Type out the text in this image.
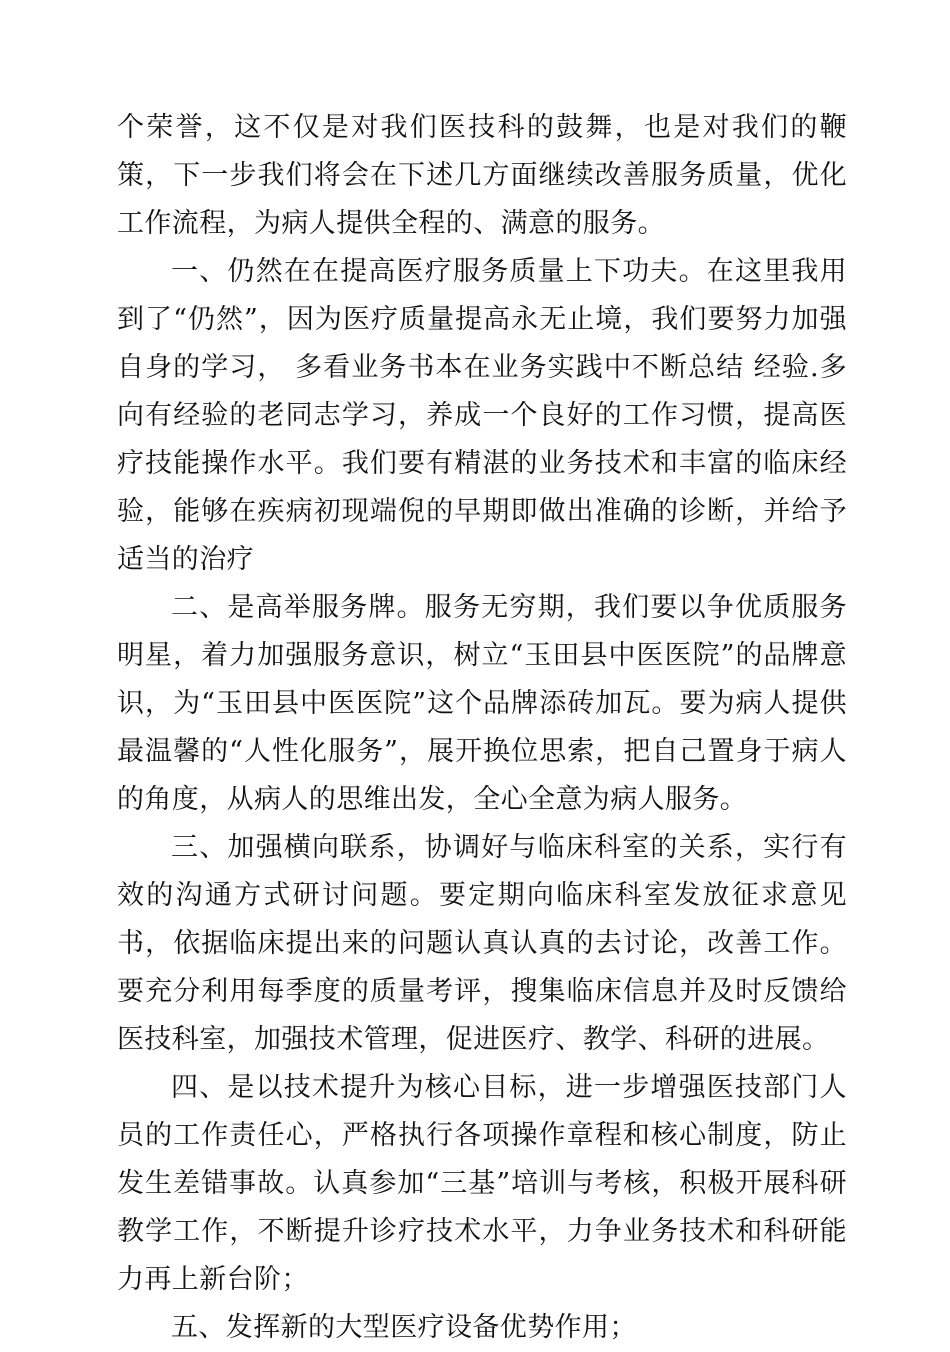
个荣誉，这不仅是对我们医技科的鼓舞，也是对我们的鞭策，下一步我们将会在下述几方面继续改善服务质量，优化工作流程，为病人提供全程的、满意的服务。

一、仍然在在提高医疗服务质量上下功夫。在这里我用到了“仍然”，因为医疗质量提高永无止境，我们要努力加强自身的学习， 多看业务书本在业务实践中不断总结 经验.多向有经验的老同志学习，养成一个良好的工作习惯，提高医疗技能操作水平。我们要有精湛的业务技术和丰富的临床经验，能够在疾病初现端倪的早期即做出准确的诊断，并给予适当的治疗

二、是高举服务牌。服务无穷期，我们要以争优质服务明星，着力加强服务意识，树立“玉田县中医医院”的品牌意识，为“玉田县中医医院”这个品牌添砖加瓦。要为病人提供最温馨的“人性化服务”，展开换位思索，把自己置身于病人的角度，从病人的思维出发，全心全意为病人服务。

三、加强横向联系，协调好与临床科室的关系，实行有效的沟通方式研讨问题。要定期向临床科室发放征求意见书，依据临床提出来的问题认真认真的去讨论，改善工作。要充分利用每季度的质量考评，搜集临床信息并及时反馈给医技科室，加强技术管理，促进医疗、教学、科研的进展。

四、是以技术提升为核心目标，进一步增强医技部门人员的工作责任心，严格执行各项操作章程和核心制度，防止发生差错事故。认真参加“三基”培训与考核，积极开展科研教学工作，不断提升诊疗技术水平，力争业务技术和科研能力再上新台阶；

五、发挥新的大型医疗设备优势作用；
